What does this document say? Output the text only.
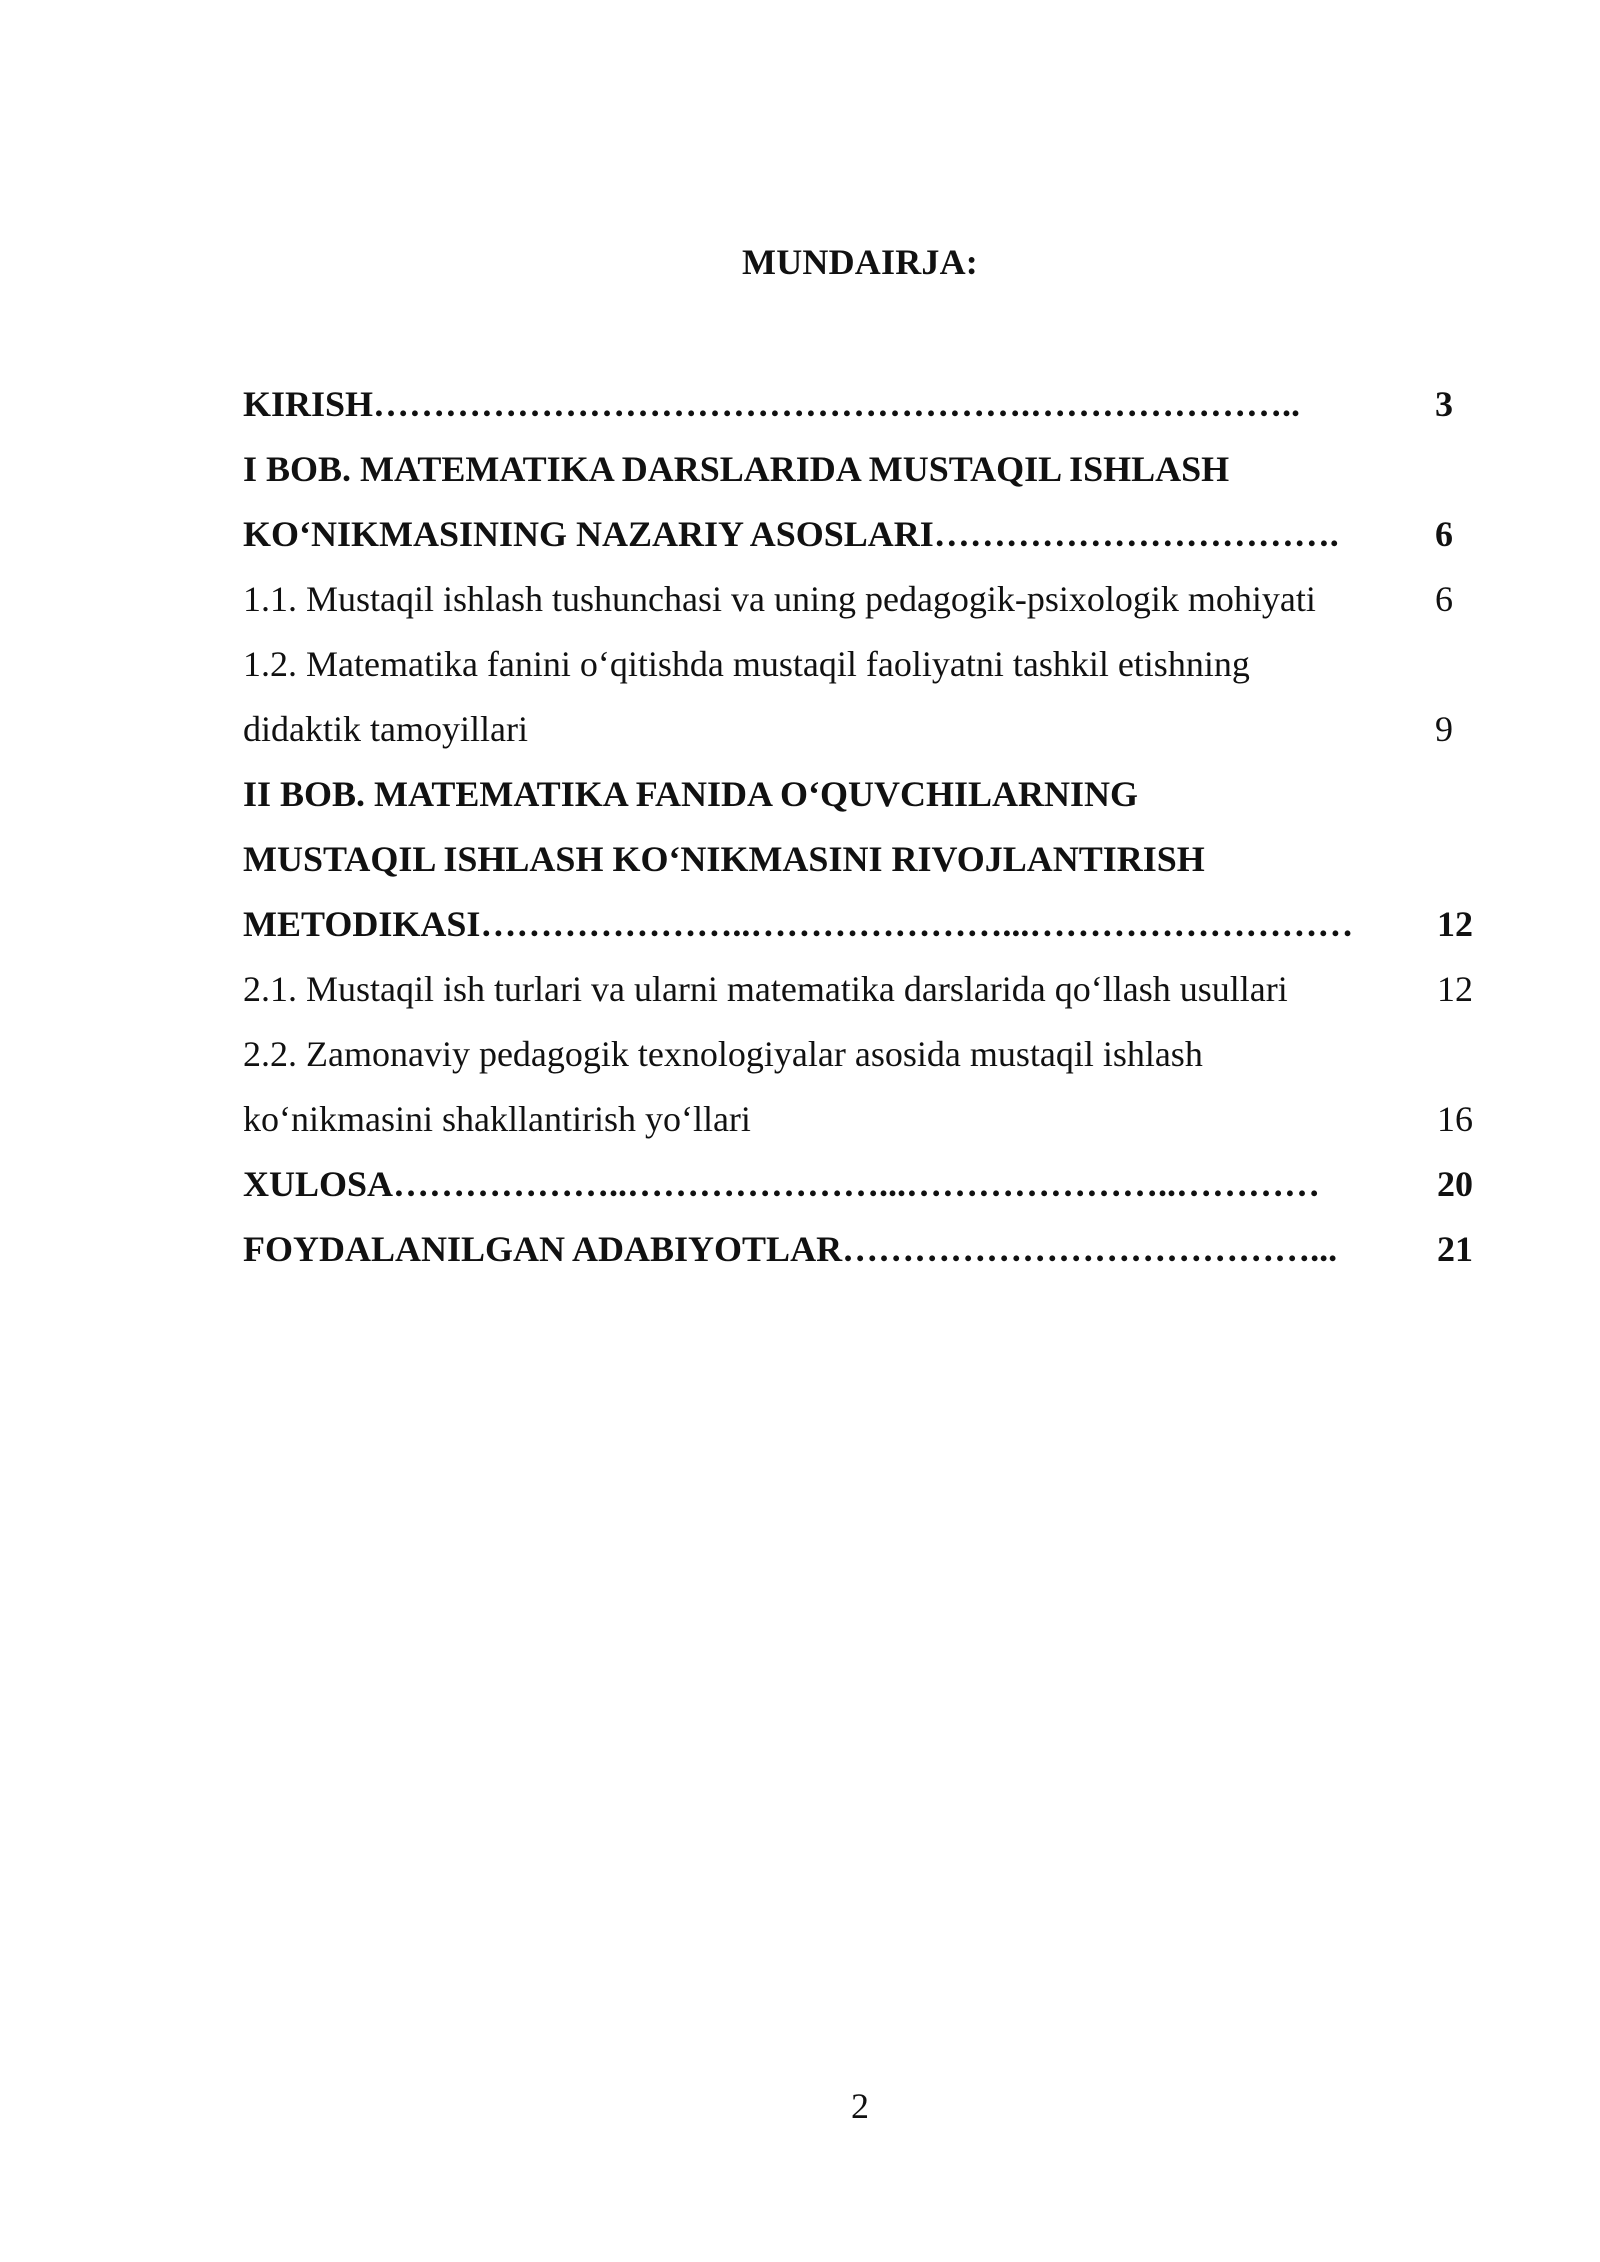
MUNDAIRJA:
KIRISH……………………………………………….…………………..	3
I BOB. MATEMATIKA DARSLARIDA MUSTAQIL ISHLASH
KO‘NIKMASINING NAZARIY ASOSLARI…………………………….	6
1.1. Mustaqil ishlash tushunchasi va uning pedagogik-psixologik mohiyati	6
1.2. Matematika fanini o‘qitishda mustaqil faoliyatni tashkil etishning
didaktik tamoyillari	9
II BOB. MATEMATIKA FANIDA O‘QUVCHILARNING
MUSTAQIL ISHLASH KO‘NIKMASINI RIVOJLANTIRISH
METODIKASI…………………..…………………...……………………… 12
2.1. Mustaqil ish turlari va ularni matematika darslarida qo‘llash usullari	12
2.2. Zamonaviy pedagogik texnologiyalar asosida mustaqil ishlash
ko‘nikmasini shakllantirish yo‘llari	16
XULOSA………………..…………………...…………………..…………	20
FOYDALANILGAN ADABIYOTLAR…………………………………...	21
2
